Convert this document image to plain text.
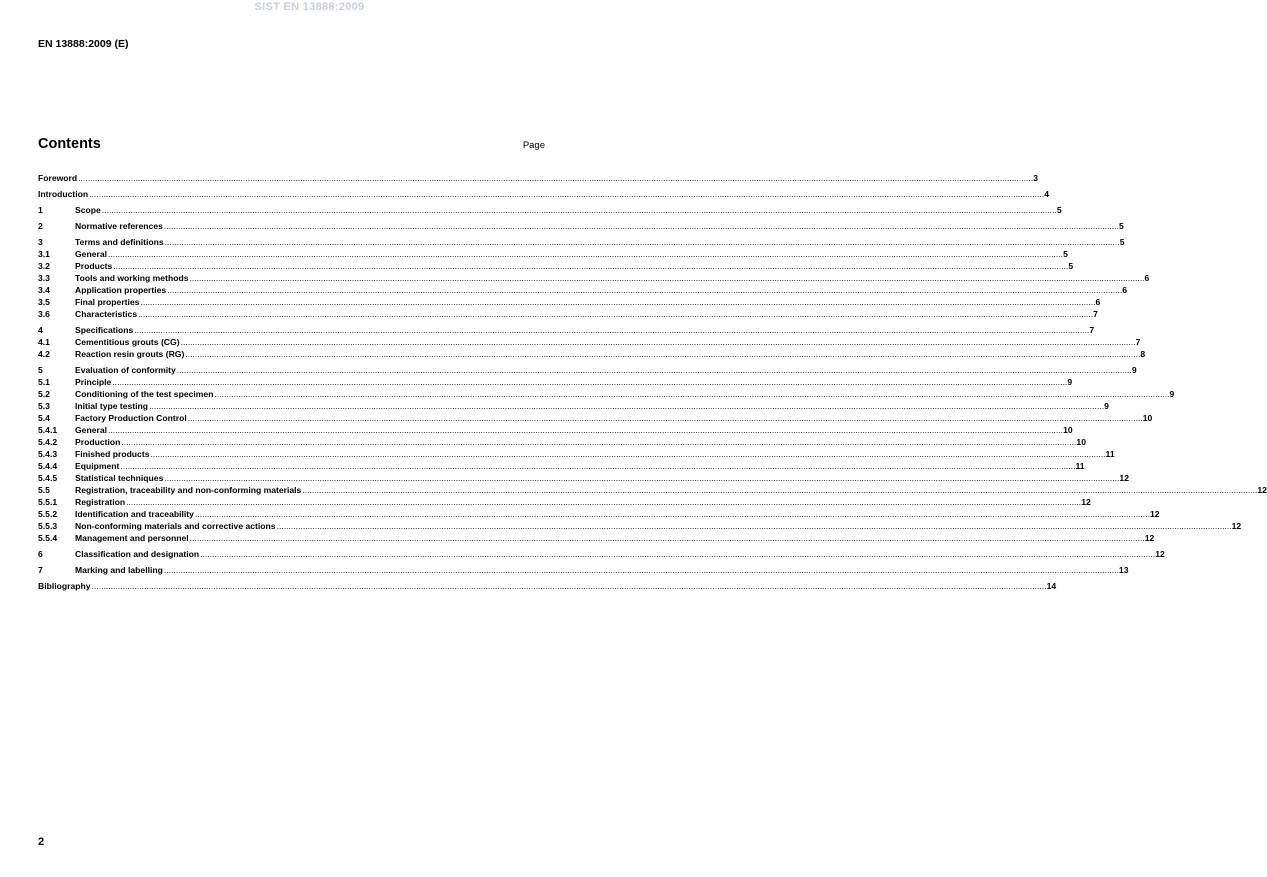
SIST EN 13888:2009
EN 13888:2009 (E)
Contents	Page
Foreword ................................................................................................................................................................................................................................................................................................................................................................................................................ 3
Introduction ................................................................................................................................................................................................................................................................................................................................................................................................................ 4
1	Scope ................................................................................................................................................................................................................................................................................................................................................................................................................ 5
2	Normative references ................................................................................................................................................................................................................................................................................................................................................................................................................ 5
3	Terms and definitions ................................................................................................................................................................................................................................................................................................................................................................................................................ 5
3.1	General ................................................................................................................................................................................................................................................................................................................................................................................................................ 5
3.2	Products ................................................................................................................................................................................................................................................................................................................................................................................................................ 5
3.3	Tools and working methods ................................................................................................................................................................................................................................................................................................................................................................................................................ 6
3.4	Application properties ................................................................................................................................................................................................................................................................................................................................................................................................................ 6
3.5	Final properties ................................................................................................................................................................................................................................................................................................................................................................................................................ 6
3.6	Characteristics ................................................................................................................................................................................................................................................................................................................................................................................................................ 7
4	Specifications ................................................................................................................................................................................................................................................................................................................................................................................................................ 7
4.1	Cementitious grouts (CG) ................................................................................................................................................................................................................................................................................................................................................................................................................ 7
4.2	Reaction resin grouts (RG) ................................................................................................................................................................................................................................................................................................................................................................................................................ 8
5	Evaluation of conformity ................................................................................................................................................................................................................................................................................................................................................................................................................ 9
5.1	Principle ................................................................................................................................................................................................................................................................................................................................................................................................................ 9
5.2	Conditioning of the test specimen ................................................................................................................................................................................................................................................................................................................................................................................................................ 9
5.3	Initial type testing ................................................................................................................................................................................................................................................................................................................................................................................................................ 9
5.4	Factory Production Control ................................................................................................................................................................................................................................................................................................................................................................................................................ 10
5.4.1	General ................................................................................................................................................................................................................................................................................................................................................................................................................ 10
5.4.2	Production ................................................................................................................................................................................................................................................................................................................................................................................................................ 10
5.4.3	Finished products ................................................................................................................................................................................................................................................................................................................................................................................................................ 11
5.4.4	Equipment ................................................................................................................................................................................................................................................................................................................................................................................................................ 11
5.4.5	Statistical techniques ................................................................................................................................................................................................................................................................................................................................................................................................................ 12
5.5	Registration, traceability and non-conforming materials ................................................................................................................................................................................................................................................................................................................................................................................................................ 12
5.5.1	Registration ................................................................................................................................................................................................................................................................................................................................................................................................................ 12
5.5.2	Identification and traceability ................................................................................................................................................................................................................................................................................................................................................................................................................ 12
5.5.3	Non-conforming materials and corrective actions ................................................................................................................................................................................................................................................................................................................................................................................................................ 12
5.5.4	Management and personnel ................................................................................................................................................................................................................................................................................................................................................................................................................ 12
6	Classification and designation ................................................................................................................................................................................................................................................................................................................................................................................................................ 12
7	Marking and labelling ................................................................................................................................................................................................................................................................................................................................................................................................................ 13
Bibliography ................................................................................................................................................................................................................................................................................................................................................................................................................ 14
2
